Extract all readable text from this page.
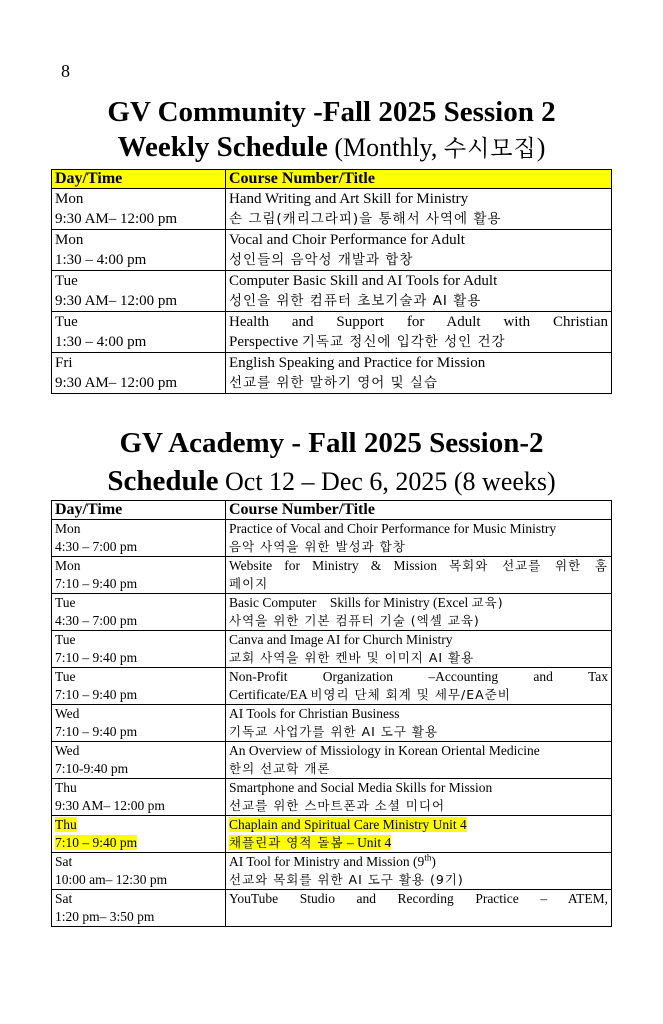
8
GV Community -Fall 2025 Session 2
Weekly Schedule (Monthly, 수시모집)
Day/Time	Course Number/Title

Mon
9:30 AM– 12:00 pm	Hand Writing and Art Skill for Ministry
손 그림(캐리그라피)을 통해서 사역에 활용

Mon
1:30 – 4:00 pm	Vocal and Choir Performance for Adult
성인들의 음악성 개발과 합창

Tue
9:30 AM– 12:00 pm	Computer Basic Skill and AI Tools for Adult
성인을 위한 컴퓨터 초보기술과 AI 활용

Tue
1:30 – 4:00 pm	Health and Support for Adult with Christian
Perspective 기독교 정신에 입각한 성인 건강

Fri
9:30 AM– 12:00 pm	English Speaking and Practice for Mission
선교를 위한 말하기 영어 및 실습
GV Academy - Fall 2025 Session-2
Schedule Oct 12 – Dec 6, 2025 (8 weeks)
Day/Time	Course Number/Title

Mon
4:30 – 7:00 pm	Practice of Vocal and Choir Performance for Music Ministry
음악 사역을 위한 발성과 합창

Mon
7:10 – 9:40 pm	Website for Ministry & Mission 목회와 선교를 위한 홈
페이지

Tue
4:30 – 7:00 pm	Basic Computer    Skills for Ministry (Excel 교육)
사역을 위한 기본 컴퓨터 기술 (엑셀 교육)

Tue
7:10 – 9:40 pm	Canva and Image AI for Church Ministry
교회 사역을 위한 켄바 및 이미지 AI 활용

Tue
7:10 – 9:40 pm	Non-Profit Organization –Accounting and Tax
Certificate/EA 비영리 단체 회계 및 세무/EA준비

Wed
7:10 – 9:40 pm	AI Tools for Christian Business
기독교 사업가를 위한 AI 도구 활용

Wed
7:10-9:40 pm	An Overview of Missiology in Korean Oriental Medicine
한의 선교학 개론

Thu
9:30 AM– 12:00 pm	Smartphone and Social Media Skills for Mission
선교를 위한 스마트폰과 소셜 미디어

Thu
7:10 – 9:40 pm	Chaplain and Spiritual Care Ministry Unit 4
채플린과 영적 돌봄 – Unit 4

Sat
10:00 am– 12:30 pm	AI Tool for Ministry and Mission (9th)
선교와 목회를 위한 AI 도구 활용 (9기)

Sat
1:20 pm– 3:50 pm	YouTube Studio and Recording Practice – ATEM,
